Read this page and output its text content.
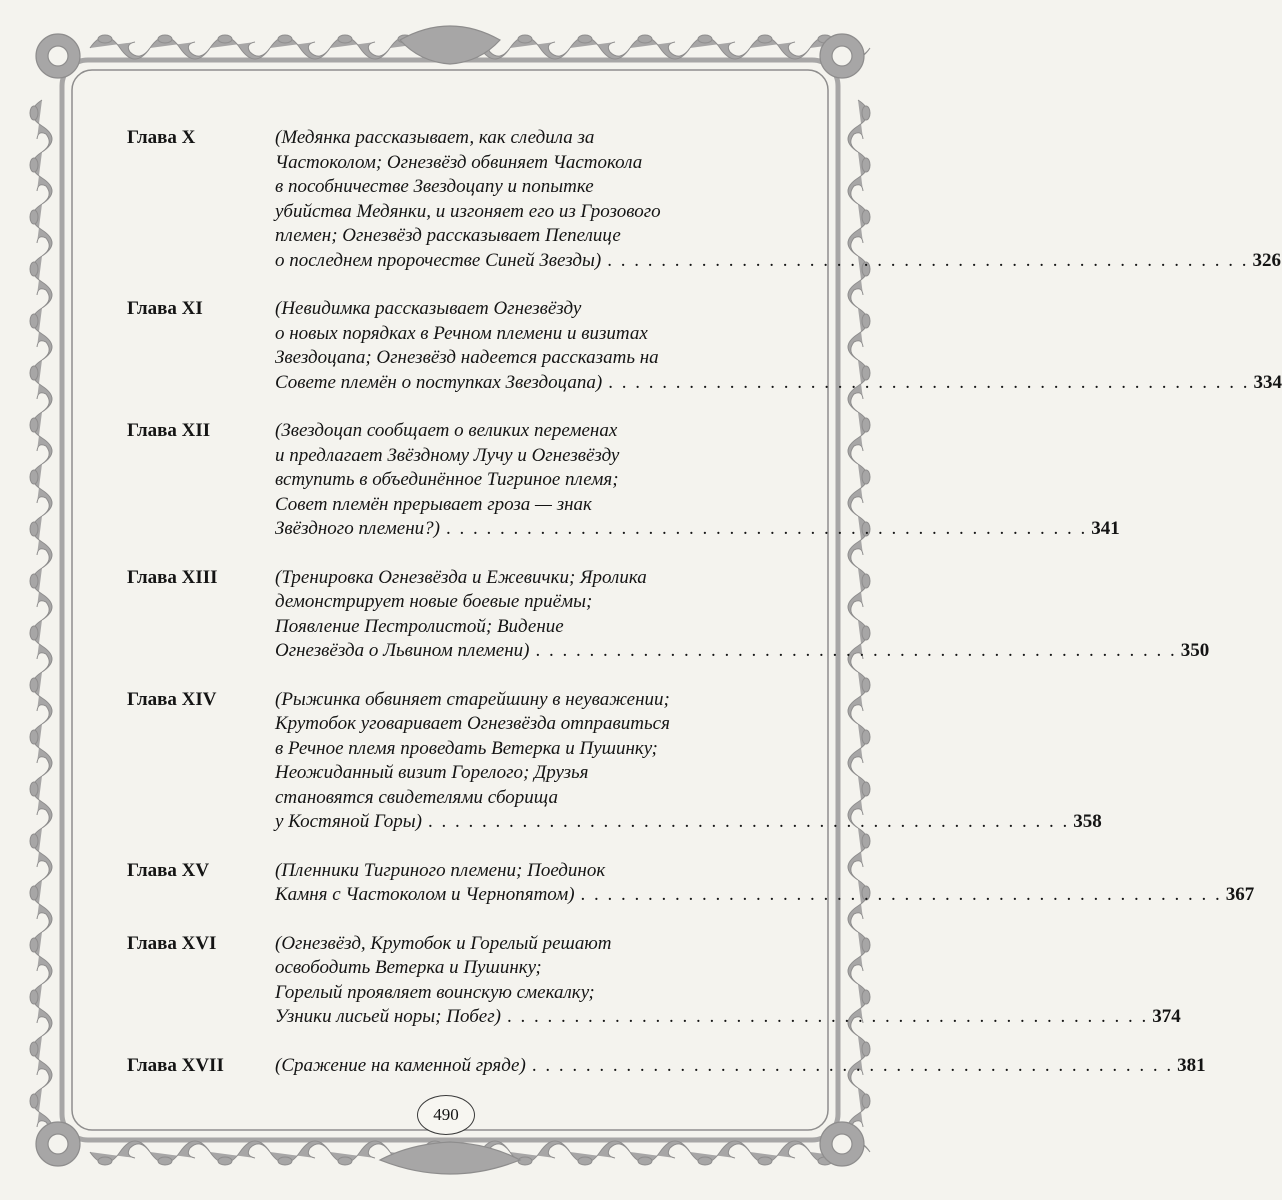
Глава X	(Медянка рассказывает, как следила за
Частоколом; Огнезвёзд обвиняет Частокола
в пособничестве Звездоцапу и попытке
убийства Медянки, и изгоняет его из Грозового
племен; Огнезвёзд рассказывает Пепелице
о последнем пророчестве Синей Звезды) . . . . . . . . . . . . . . . . . . . . . . . . . . . . . . . . . . . . . . . . . . . . . . . . 326
Глава XI	(Невидимка рассказывает Огнезвёзду
о новых порядках в Речном племени и визитах
Звездоцапа; Огнезвёзд надеется рассказать на
Совете племён о поступках Звездоцапа) . . . . . . . . . . . . . . . . . . . . . . . . . . . . . . . . . . . . . . . . . . . . . . . . 334
Глава XII	(Звездоцап сообщает о великих переменах
и предлагает Звёздному Лучу и Огнезвёзду
вступить в объединённое Тигриное племя;
Совет племён прерывает гроза — знак
Звёздного племени?) . . . . . . . . . . . . . . . . . . . . . . . . . . . . . . . . . . . . . . . . . . . . . . . . 341
Глава XIII	(Тренировка Огнезвёзда и Ежевички; Яролика
демонстрирует новые боевые приёмы;
Появление Пестролистой; Видение
Огнезвёзда о Львином племени) . . . . . . . . . . . . . . . . . . . . . . . . . . . . . . . . . . . . . . . . . . . . . . . . 350
Глава XIV	(Рыжинка обвиняет старейшину в неуважении;
Крутобок уговаривает Огнезвёзда отправиться
в Речное племя проведать Ветерка и Пушинку;
Неожиданный визит Горелого; Друзья
становятся свидетелями сборища
у Костяной Горы) . . . . . . . . . . . . . . . . . . . . . . . . . . . . . . . . . . . . . . . . . . . . . . . . 358
Глава XV	(Пленники Тигриного племени; Поединок
Камня с Частоколом и Чернопятом) . . . . . . . . . . . . . . . . . . . . . . . . . . . . . . . . . . . . . . . . . . . . . . . . 367
Глава XVI	(Огнезвёзд, Крутобок и Горелый решают
освободить Ветерка и Пушинку;
Горелый проявляет воинскую смекалку;
Узники лисьей норы; Побег) . . . . . . . . . . . . . . . . . . . . . . . . . . . . . . . . . . . . . . . . . . . . . . . . 374
Глава XVII	(Сражение на каменной гряде) . . . . . . . . . . . . . . . . . . . . . . . . . . . . . . . . . . . . . . . . . . . . . . . . 381
490
